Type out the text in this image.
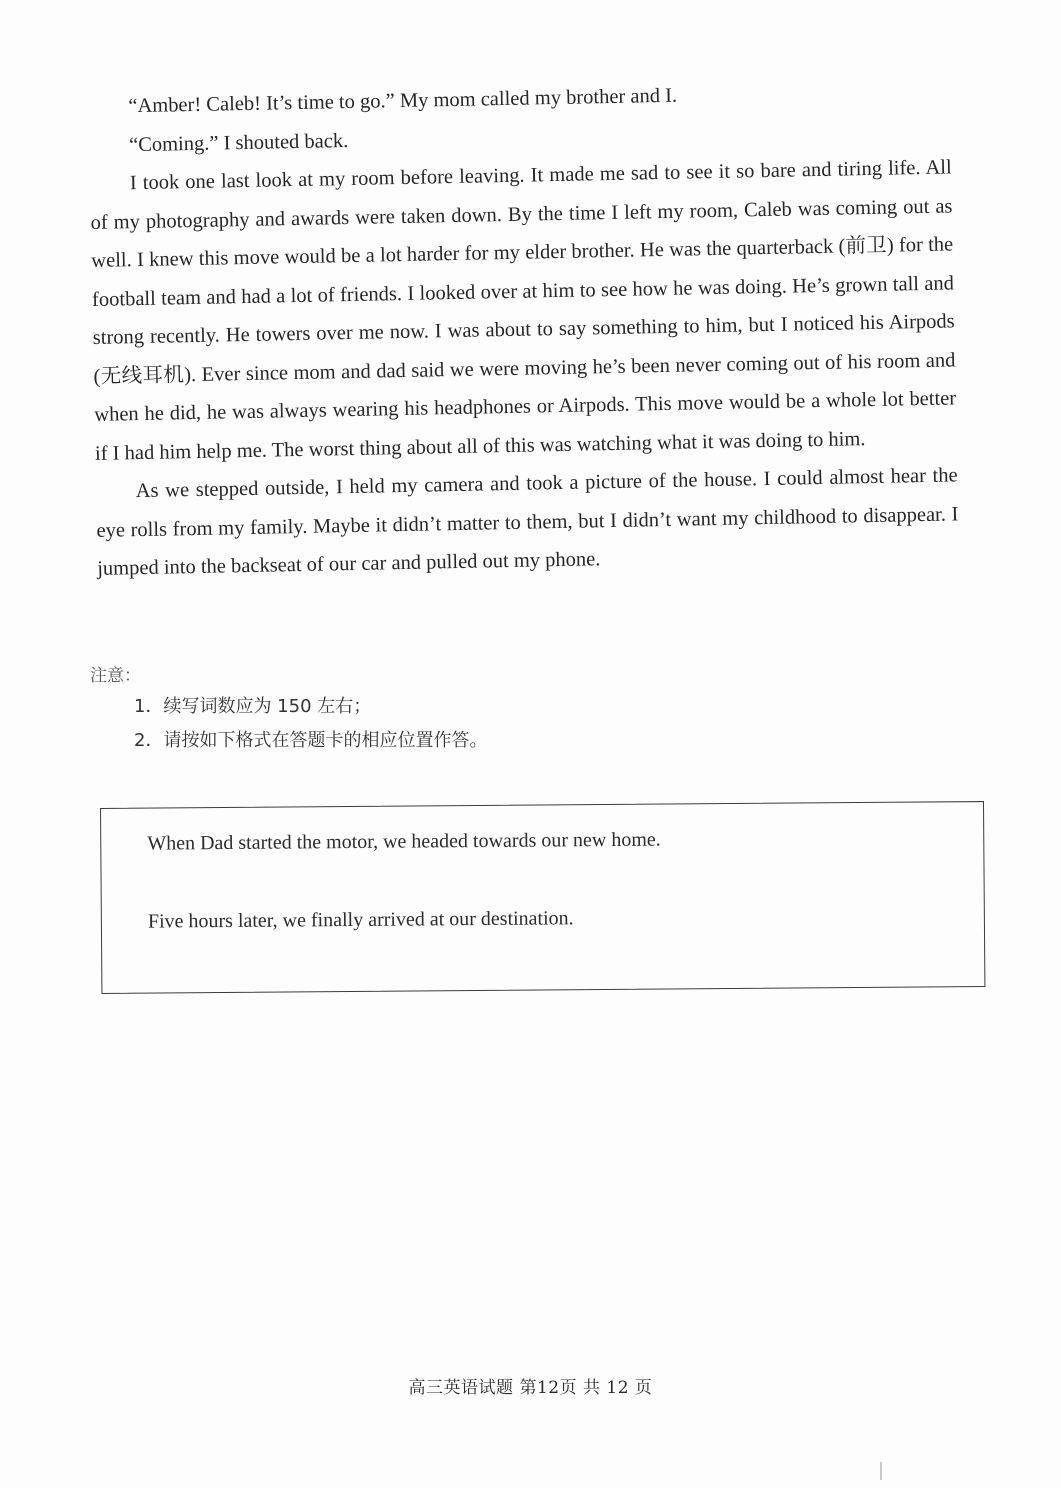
“Amber! Caleb! It’s time to go.” My mom called my brother and I.

“Coming.” I shouted back.

I took one last look at my room before leaving. It made me sad to see it so bare and tiring life. All of my photography and awards were taken down. By the time I left my room, Caleb was coming out as well. I knew this move would be a lot harder for my elder brother. He was the quarterback (前卫) for the football team and had a lot of friends. I looked over at him to see how he was doing. He’s grown tall and strong recently. He towers over me now. I was about to say something to him, but I noticed his Airpods (无线耳机). Ever since mom and dad said we were moving he’s been never coming out of his room and when he did, he was always wearing his headphones or Airpods. This move would be a whole lot better if I had him help me. The worst thing about all of this was watching what it was doing to him.

As we stepped outside, I held my camera and took a picture of the house. I could almost hear the eye rolls from my family. Maybe it didn’t matter to them, but I didn’t want my childhood to disappear. I jumped into the backseat of our car and pulled out my phone.

注意：

1．续写词数应为 150 左右；

2．请按如下格式在答题卡的相应位置作答。

When Dad started the motor, we headed towards our new home.
Five hours later, we finally arrived at our destination.
高三英语试题 第12页 共 12 页
